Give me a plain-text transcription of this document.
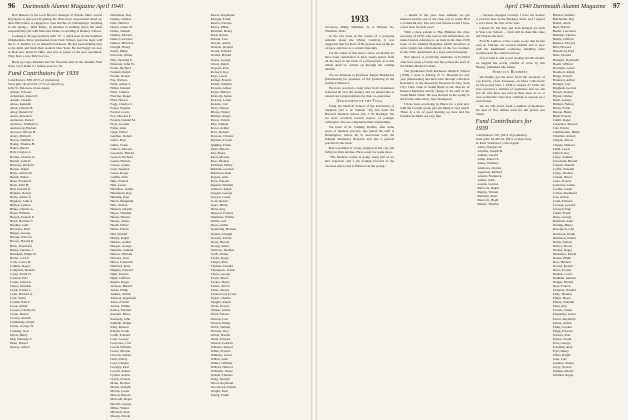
96 Dartmouth Alumni Magazine April 1940

Bob Hauser's is the local Hoover manager in Toledo, Ohio. Lesser Ray Ryan to take part in getting the Ohio boys' associations lined up. Also Bill Kiefer is engaged to Jane Ritchie of Chattanooga. Wedding in the spring.... Dick Bixby, in addition to holding down the same responsibility job with Malcolm Pirnie, is teaching at Bentley School.

Looking it all appropriately with "Z," a quick note on the Southern Zimmerman. Since graduation from Tuck School, Gus has been with the U. S. Rubber Co. in industrial relations. He has been making trips to the mills and finds their work in New York. He and Peggy are now at their new home in Ohio, and Gus is proud of the new apartment. They have a new little boy too.

Back up Cape Molders and his firearms men in the Alumni Fund drive. Let's make it a banner year for '32.

Fund Contributors for 1939
Contributors: 308. (65% of graduates).
Total gifts: $1,654.58. (77% of objective).
John W. Emerson, Class Agent.
Abbott, Edward
Ackerman, Robert E.
Adams, Charles
Albee, Kenneth
Allen, Chester B.
Alley, Donald W.
Ames, Rowland
Anderson, Robert
Andrews, William G.
Armstrong, Herbert
Atwood, Wilson H.
Avery, Philip R.
Bacon, William T.
Bailey, Thomas H.
Baker, Harold
Ball, Clayton C.
Barnes, Charles G.
Barrett, John P.
Barrows, Richard
Barton, Ralph
Bates, Arthur M.
Beach, Walter
Bean, Frederick
Beck, Emil H.
Bell, Donald G.
Bennett, Robert
Berry, Arthur F.
Bigelow, John A.
Bishop, Lyman
Blake, Charles A.
Bond, William
Bowen, Francis P.
Boyd, Norman S.
Bradley, John
Brewster, Paul
Briggs, George
Brooks, Edward
Brown, Harold R.
Buck, Raymond
Burke, Thomas J.
Burnham, Philip W.
Butler, Carl A.
Cady, Lester H.
Calkins, Roger
Campbell, Donald
Carey, Frank W.
Carlson, Eric
Carter, James G.
Chase, Wendell
Clark, Edwin L.
Cobb, Herbert A.
Cole, Stuart
Collins, Paul F.
Cook, Arthur
Cooper, Charles D.
Crane, Morris
Crosby, Alan B.
Cummings, Ralph
Curtis, George H.
Cushing, Neil
Davis, Henry
Day, Sherman F.
Dean, Robert
Dewey, Alfred
Dickinson, Roy
Dodge, Charles
Dole, Herbert
Doyle, James W.
Drake, Samuel
Dudley, Edward
Dunn, Lawrence
Dutton, Milton A.
Dwight, Henry
Eaton, Philip
Edwards, Walter
Ellis, Norman F.
Emerson, John W.
Evans, Richard
Farnum, Ralph
Farrell, Robert
Fay, Wallace
Field, Arthur S.
Fisher, Donald
Fitch, Charles
Fletcher, Roger
Flint, Horace
Fogg, Charles C.
Foster, Eugene
Fowler, Lewis
Fox, Howard E.
French, Donald M.
Frost, Gordon
Fuller, Alan
Gage, Walter
Gardner, Robert
Gates, Paul
Gibbs, Frank
Gilbert, Edward
Goodwin, Harold
Gordon, Richard
Gould, Herbert
Graves, Leslie
Gray, Norman
Green, Roger
Griffin, John
Hale, Francis
Hall, Lester
Hamilton, Arthur
Hammond, Roy
Harding, Paul
Harris, Benjamin
Hart, Nelson
Haskell, Charles
Hayes, Wendell
Hazen, Harold
Healey, James
Heath, Walter
Hicks, Edwin
Hill, Donald
Hodge, Ralph
Holmes, Arthur
Hooper, George
Hopkins, Samuel
Horton, William
Howard, Paul
Howe, Frederick
Hubbard, Ross
Hughes, Edward
Hunt, Francis
Hyde, Clifford
Ingalls, Roger
Jackson, Harold
James, Philip
Jenkins, Arthur
Johnson, Raymond
Jones, Everett
Jordan, Wilbur
Kelley, Thomas
Kendall, Bruce
Kennedy, John
Kimball, Ralph
King, Russell
Knight, Frank
Lamb, Edward
Lane, George
Lawrence, Carl
Leach, William
Lewis, Morton
Lincoln, Alfred
Little, Henry
Lord, Charles
Lovejoy, Paul
Lowell, Robert
Lyman, Arthur
Lynch, Francis
Mann, Herbert
Marsh, Dwight
Martin, Lester
Mason, Harold
Maxwell, Roger
Merrill, George
Miller, Walter
Mitchell, Alan
Moody, Edwin
Moore, Raymond
Morgan, Frank
Morris, Charles
Morse, Philip
Moulton, Henry
Nash, Robert
Nelson, Carl
Newell, Arthur
Nichols, Donald
Norris, Edward
Norton, Harold
Noyes, George
Olcott, Ralph
Osgood, Paul
Packard, Roy
Page, Lewis
Palmer, Francis
Parker, William
Parsons, Alfred
Payne, Herbert
Peabody, James
Pearson, Lester
Perkins, Carl
Perry, Nelson
Phelps, Walter
Phillips, Roger
Pierce, Edwin
Pike, Samuel
Porter, Arthur
Pratt, Donald
Prescott, Charles
Putnam, Everett
Quimby, Frank
Rand, Harold
Ray, Bruce
Reed, Morton
Rice, Thomas
Richards, Henry
Robbins, Gordon
Robinson, Paul
Rogers, Alan
Ross, Edward
Russell, William
Sanborn, Ralph
Sargent, George
Sawyer, Lester
Scott, Robert
Sears, Philip
Shaw, Roy
Shepard, Francis
Simmons, Wilbur
Smith, Carl
Snow, Arthur
Spaulding, Herbert
Stearns, Dwight
Stevens, Edwin
Stone, Harold
Strong, James
Sullivan, Thomas
Swift, Walter
Taylor, Roger
Thayer, Paul
Thomas, Donald
Thompson, Frank
Tilton, George
Towle, Bruce
Tucker, Henry
Turner, Alfred
Tuttle, Morris
Underwood, Lewis
Upton, Charles
Vaughn, Ralph
Wade, Everett
Walker, Arthur
Ward, Nelson
Warren, Carl
Watson, Philip
Webb, Samuel
Webster, Roy
Welch, Harold
Wells, Edward
Weston, Gordon
Wheeler, Robert
White, Francis
Whitney, Lester
Wilbur, Alan
Wilder, William
Willard, Herbert
Williams, James
Wilson, Thomas
Wing, Dwight
Wood, Raymond
Woodward, Edwin
Wright, Paul
Young, Frank
April 1940 Dartmouth Alumni Magazine 97
1933

Secretary—Philip Williams, Jr., 6 Webster St., Wenham, Mass.

In the last issue in the course of a grouping remarks about the Winter Carnival, it was suggested that for most of the present size of the art of snow and now as a certain fraternity.

For the editor of this issue I am to recall that we have been contributed to have yearly letters from all the boys in the form of a photograph. It is this which shall be carried on through the coming months.

We are indebted to Professor Eldgas Henderson (Dartmouth) for presence of the gathering in the spring at Hanover.

We have received a long letter from classmates scattered all over the country and we should like to extend our congratulations for their co-operation.

Gentlemen of the Toga

From the Medical School of the University of Vermont (via J. A. Dunder '33) and from the Harvard Medical School (via J. W. Rudolph '36) we have received several reports of younger colleagues who are completing their interneships.

We learn of D. Cushing Rollins, after some years of medical practice, has joined the staff at Bennington, where he is associated with the Putnam Memorial Hospital and has a general practice in the town.

Ben Goodman is a busy surgeon in the city and living on Park Avenue. He is ready for some news.

"The medical course is going along just as we had expected, and I am looking forward to the vacation and a visit to Hanover in the spring."

... month of the year. Less summer we got married and the rest of the class was to come. Had a wonderful trip. The only bad feature is that I have a new boss for next year!

With a deep salaam to Hap Hinman, the class secretary of 1930, who sent us this information, we make belated reference to an item in the June 1938 issue of the Alumni Magazine which describes at some length the achievements of the two brothers in the clinic department of a large eastern hospital.

Bob Moore is practicing medicine at Portland after four years of study and has joined the staff of the Maine Medical Center.

Our graduation from Rochester Medical School (1938), I went to Albany, N. Y., Hospital for one year (interneship) and then went through a Medical Residency at the Roosevelt Hospital in New York City. Then came to South Bend as the director of Internal Medicine and in charge of the staff of the South Bend Clinic. He was married in the spring to the former Miss Mary Jane Thompson.

I have been practicing in Ithaca for a year now with the Cornell group and am liking it very much. There is a lot of good hunting up here and the hospital facilities are very fine.

... because engaged recently. I have my license to practice here in the Buckeye State, and I expect to start about the first of the year.

Charles W. Mc Kay and Tom Dungan are both in Yale Law School — Tom will be done this June and Charles the next.

Fred B. Ludlow writes a note to say that he has been in Chicago for several months and is now with the Aluminum Company, handling sales promotion in the central territory.

If you wish to add to our reading list this month, we suggest the recent volume of verse by Jim Hooker, published this winter.

Strictly Business

We finally got the news from the secretary of Lee Eckels, Class Treasurer, on Dues Collections for the period Sept. 1 1939 to August 31 1940. We have received a number of payments and we ask that all who have not sent in their dues do so at once so that the Class may continue to operate on a sound basis.

We are still owed, from a number of members, the sum of five dollars each for the period just ended.

Fund Contributors for 1939
Contributors: 591. (62% of graduates).
Total gifts: $2,467.42. (81% of objective).
D. Peter Waterston, Class Agent.
Abbe, Douglas W.
Abrams, Joseph B.
Adams, Gerald
Allen, Robert E.
Ames, Whitney
Andrews, Charles
Appleton, Richard
Arnold, Frederick
Atkins, John
Austin, Gordon
Babcock, Ralph
Bagley, Warren
Baldwin, Peter
Bancroft, Hugh
Barker, Thomas
Bartlett, Sumner
Batchelder, Roy
Baxter, Allen
Beal, Harold
Beebe, Lawrence
Belknap, Charles
Bemis, Clifford
Benson, Edward
Bird, Howard
Blanchard, Paul
Bliss, Donald
Blodgett, Raymond
Booth, Wilfred
Bowman, Lester
Bradford, Ralph
Bragg, Francis
Brainard, Arthur
Bridges, Carl
Brigham, Gordon
Brown, Stanley
Bryant, Walter
Buell, George
Bullard, Nelson
Burns, Frank
Burton, Henry
Bush, Everett
Cahill, Roger
Carpenter, Morton
Carr, Edwin
Chamberlain, Philip
Chandler, Robert
Chapin, Alfred
Cheney, Herbert
Child, Lewis
Church, Roy
Clapp, Samuel
Cleveland, Harold
Coburn, Donald
Coffin, Wendell
Colby, Thomas
Conant, Bruce
Cone, Francis
Converse, James
Corliss, Lester
Cotton, Raymond
Cox, Arthur
Cram, Edward
Crocker, Gordon
Crowell, Paul
Cutler, Frank
Dana, George
Danforth, Alan
Darling, Henry
Davenport, Carl
Dearborn, Ralph
Dennison, Walter
Derby, Nelson
Dexter, Morris
Dickey, Roger
Dinsmore, Edwin
Doane, Philip
Dow, Herbert
Downs, Robert
Drew, Everett
Dunbar, Lewis
Dunham, Samuel
Durgin, Harold
Dyer, Francis
Eastman, Donald
Eddy, Thomas
Elliott, Bruce
Emery, Wendell
Estes, Roy
Everett, James
Fairbanks, Lester
Farrar, Raymond
Felton, Arthur
Fiske, Gordon
Flagg, Edward
Folsom, Paul
Forbes, Frank
Foss, George
Freeman, Alan
Frye, Henry
Fuller, Ralph
Gale, Carl
Gardner, Walter
Gerry, Nelson
Gilman, Morris
Glidden, Roger
